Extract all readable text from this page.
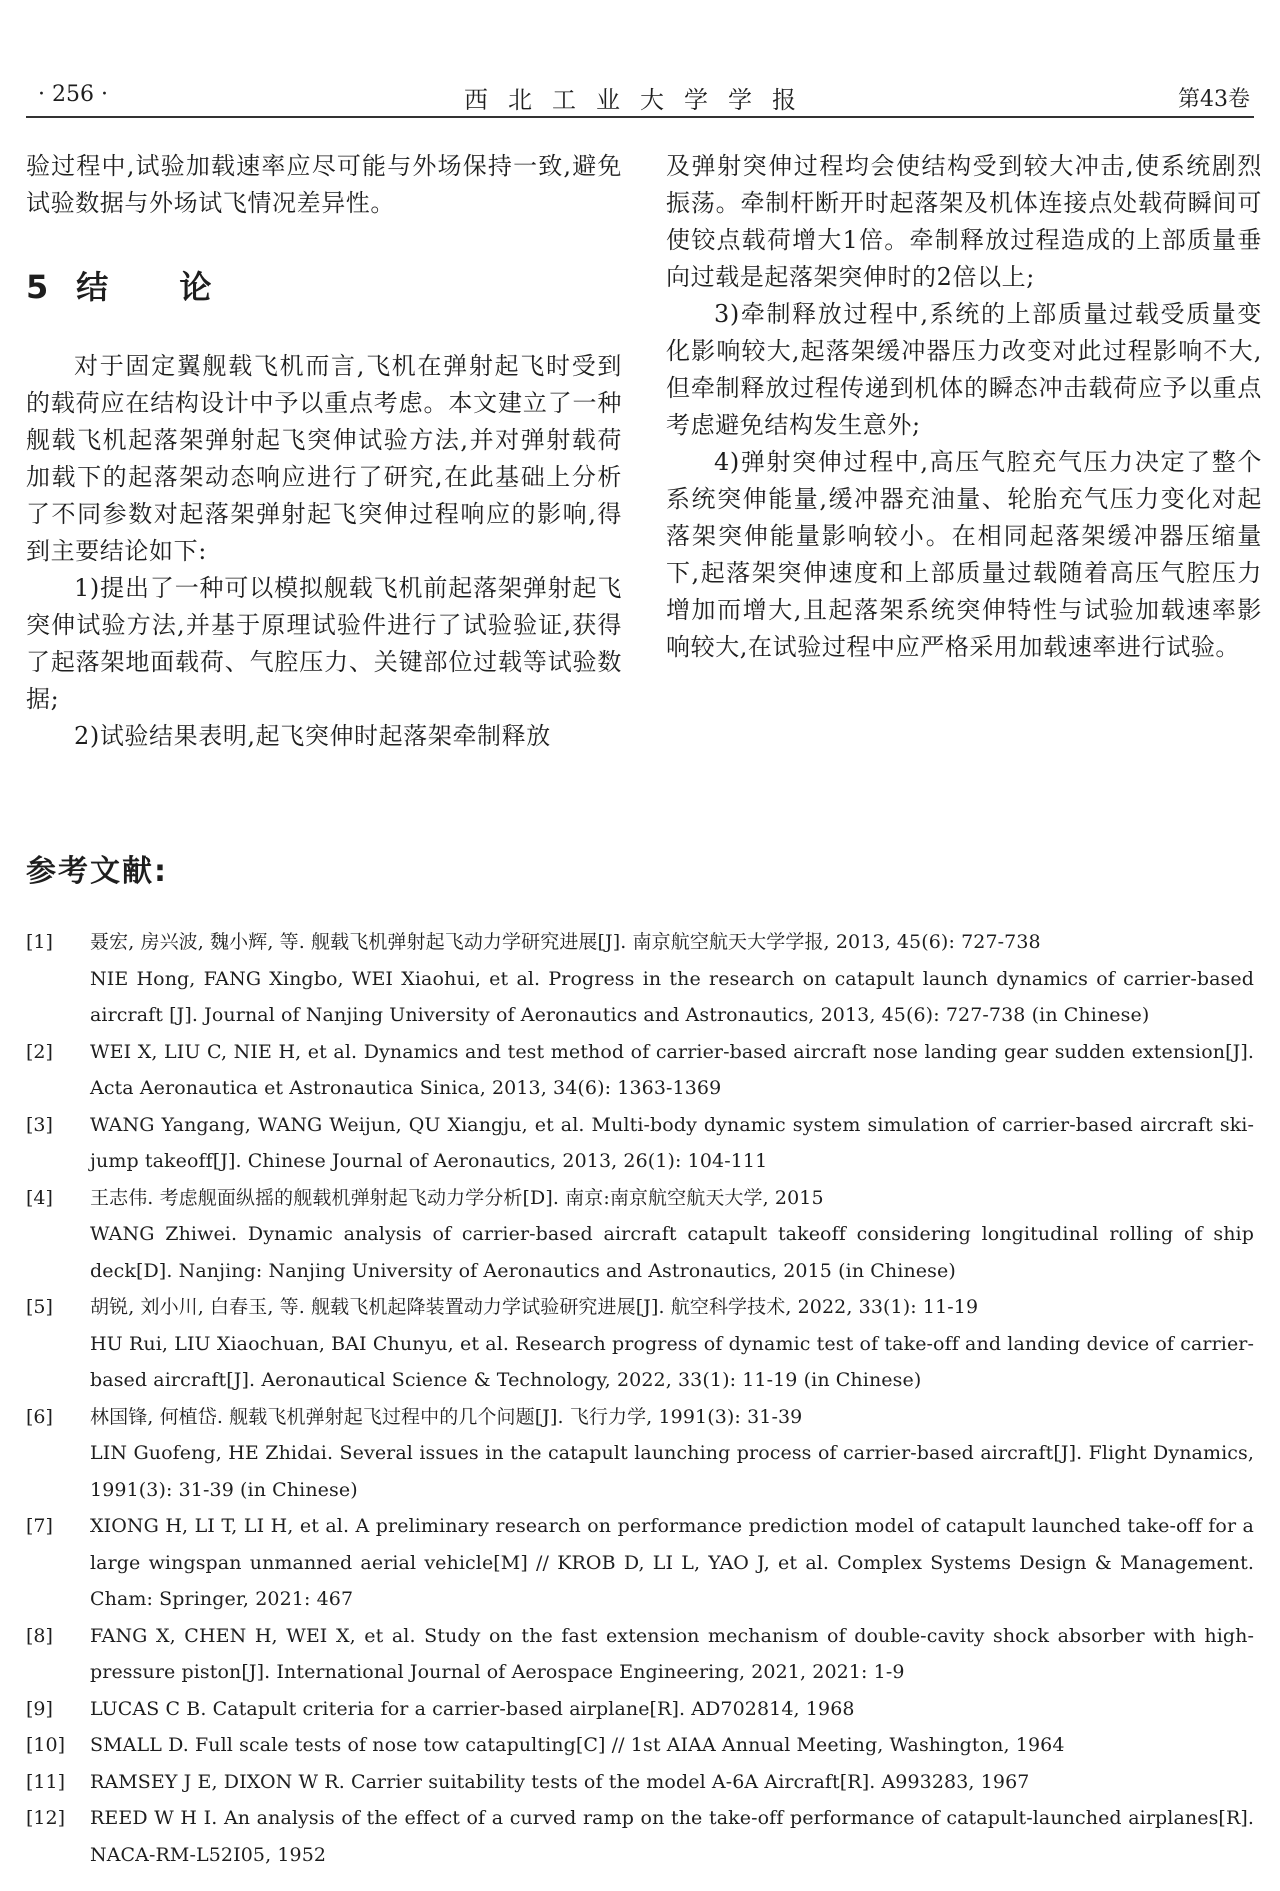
· 256 ·	西北工业大学学报	第43卷

验过程中,试验加载速率应尽可能与外场保持一致,避免试验数据与外场试飞情况差异性。

5 结 论

对于固定翼舰载飞机而言,飞机在弹射起飞时受到的载荷应在结构设计中予以重点考虑。本文建立了一种舰载飞机起落架弹射起飞突伸试验方法,并对弹射载荷加载下的起落架动态响应进行了研究,在此基础上分析了不同参数对起落架弹射起飞突伸过程响应的影响,得到主要结论如下:

1)提出了一种可以模拟舰载飞机前起落架弹射起飞突伸试验方法,并基于原理试验件进行了试验验证,获得了起落架地面载荷、气腔压力、关键部位过载等试验数据;

2)试验结果表明,起飞突伸时起落架牵制释放

及弹射突伸过程均会使结构受到较大冲击,使系统剧烈振荡。牵制杆断开时起落架及机体连接点处载荷瞬间可使铰点载荷增大1倍。牵制释放过程造成的上部质量垂向过载是起落架突伸时的2倍以上;

3)牵制释放过程中,系统的上部质量过载受质量变化影响较大,起落架缓冲器压力改变对此过程影响不大,但牵制释放过程传递到机体的瞬态冲击载荷应予以重点考虑避免结构发生意外;

4)弹射突伸过程中,高压气腔充气压力决定了整个系统突伸能量,缓冲器充油量、轮胎充气压力变化对起落架突伸能量影响较小。在相同起落架缓冲器压缩量下,起落架突伸速度和上部质量过载随着高压气腔压力增加而增大,且起落架系统突伸特性与试验加载速率影响较大,在试验过程中应严格采用加载速率进行试验。

参考文献:
[1] 聂宏, 房兴波, 魏小辉, 等. 舰载飞机弹射起飞动力学研究进展[J]. 南京航空航天大学学报, 2013, 45(6): 727-738
NIE Hong, FANG Xingbo, WEI Xiaohui, et al. Progress in the research on catapult launch dynamics of carrier-based aircraft [J]. Journal of Nanjing University of Aeronautics and Astronautics, 2013, 45(6): 727-738 (in Chinese)
[2] WEI X, LIU C, NIE H, et al. Dynamics and test method of carrier-based aircraft nose landing gear sudden extension[J]. Acta Aeronautica et Astronautica Sinica, 2013, 34(6): 1363-1369
[3] WANG Yangang, WANG Weijun, QU Xiangju, et al. Multi-body dynamic system simulation of carrier-based aircraft ski-jump takeoff[J]. Chinese Journal of Aeronautics, 2013, 26(1): 104-111
[4] 王志伟. 考虑舰面纵摇的舰载机弹射起飞动力学分析[D]. 南京:南京航空航天大学, 2015
WANG Zhiwei. Dynamic analysis of carrier-based aircraft catapult takeoff considering longitudinal rolling of ship deck[D]. Nanjing: Nanjing University of Aeronautics and Astronautics, 2015 (in Chinese)
[5] 胡锐, 刘小川, 白春玉, 等. 舰载飞机起降装置动力学试验研究进展[J]. 航空科学技术, 2022, 33(1): 11-19
HU Rui, LIU Xiaochuan, BAI Chunyu, et al. Research progress of dynamic test of take-off and landing device of carrier-based aircraft[J]. Aeronautical Science & Technology, 2022, 33(1): 11-19 (in Chinese)
[6] 林国锋, 何植岱. 舰载飞机弹射起飞过程中的几个问题[J]. 飞行力学, 1991(3): 31-39
LIN Guofeng, HE Zhidai. Several issues in the catapult launching process of carrier-based aircraft[J]. Flight Dynamics, 1991(3): 31-39 (in Chinese)
[7] XIONG H, LI T, LI H, et al. A preliminary research on performance prediction model of catapult launched take-off for a large wingspan unmanned aerial vehicle[M] // KROB D, LI L, YAO J, et al. Complex Systems Design & Management. Cham: Springer, 2021: 467
[8] FANG X, CHEN H, WEI X, et al. Study on the fast extension mechanism of double-cavity shock absorber with high-pressure piston[J]. International Journal of Aerospace Engineering, 2021, 2021: 1-9
[9] LUCAS C B. Catapult criteria for a carrier-based airplane[R]. AD702814, 1968
[10] SMALL D. Full scale tests of nose tow catapulting[C] // 1st AIAA Annual Meeting, Washington, 1964
[11] RAMSEY J E, DIXON W R. Carrier suitability tests of the model A-6A Aircraft[R]. A993283, 1967
[12] REED W H I. An analysis of the effect of a curved ramp on the take-off performance of catapult-launched airplanes[R]. NACA-RM-L52I05, 1952
